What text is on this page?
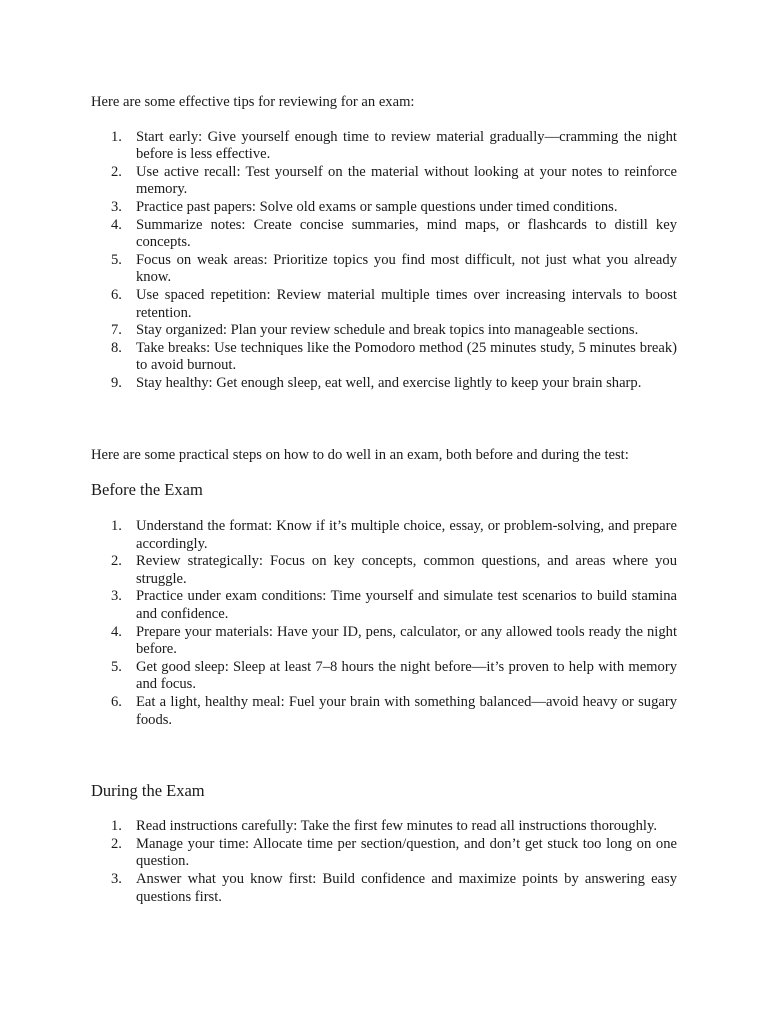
Here are some effective tips for reviewing for an exam:

1. Start early: Give yourself enough time to review material gradually—cramming the night before is less effective.
2. Use active recall: Test yourself on the material without looking at your notes to reinforce memory.
3. Practice past papers: Solve old exams or sample questions under timed conditions.
4. Summarize notes: Create concise summaries, mind maps, or flashcards to distill key concepts.
5. Focus on weak areas: Prioritize topics you find most difficult, not just what you already know.
6. Use spaced repetition: Review material multiple times over increasing intervals to boost retention.
7. Stay organized: Plan your review schedule and break topics into manageable sections.
8. Take breaks: Use techniques like the Pomodoro method (25 minutes study, 5 minutes break) to avoid burnout.
9. Stay healthy: Get enough sleep, eat well, and exercise lightly to keep your brain sharp.

Here are some practical steps on how to do well in an exam, both before and during the test:

Before the Exam
1. Understand the format: Know if it’s multiple choice, essay, or problem-solving, and prepare accordingly.
2. Review strategically: Focus on key concepts, common questions, and areas where you struggle.
3. Practice under exam conditions: Time yourself and simulate test scenarios to build stamina and confidence.
4. Prepare your materials: Have your ID, pens, calculator, or any allowed tools ready the night before.
5. Get good sleep: Sleep at least 7–8 hours the night before—it’s proven to help with memory and focus.
6. Eat a light, healthy meal: Fuel your brain with something balanced—avoid heavy or sugary foods.
During the Exam
1. Read instructions carefully: Take the first few minutes to read all instructions thoroughly.
2. Manage your time: Allocate time per section/question, and don’t get stuck too long on one question.
3. Answer what you know first: Build confidence and maximize points by answering easy questions first.
